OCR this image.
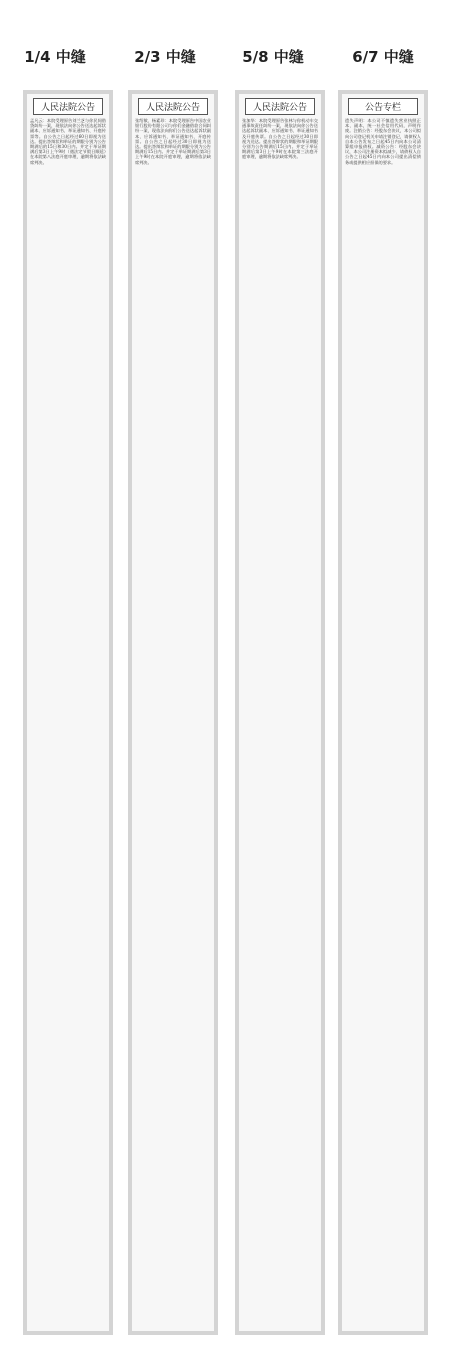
1/4 中缝	2/3 中缝	5/8 中缝	6/7 中缝
人民法院公告
孟凡云：本院受理原告刘兰芝与你民间借贷纠纷一案，现依法向你公告送达起诉状副本、应诉通知书、举证通知书、开庭传票等。自公告之日起经过60日即视为送达。提出答辩状和举证的期限分别为公告期满后的15日和30日内。并定于举证期满后第3日上午9时（遇法定节假日顺延）在本院第八法庭开庭审理，逾期将依法缺席判决。
人民法院公告
张绍敏、杨素珍：本院受理原告中国农业银行股份有限公司与你们金融借款合同纠纷一案，现依法向你们公告送达起诉状副本、应诉通知书、举证通知书、开庭传票。自公告之日起经过30日即视为送达。提出答辩状和举证的期限分别为公告期满后15日内。并定于举证期满后第3日上午9时在本院开庭审理，逾期将依法缺席判决。
人民法院公告
张加华：本院受理原告张林与你机动车交通事故责任纠纷一案，现依法向你公告送达起诉状副本、应诉通知书、举证通知书及开庭传票。自公告之日起经过30日即视为送达。提出答辩状的期限和举证期限分别为公告期满后15日内。并定于举证期满后第3日上午9时在本院第三法庭开庭审理，逾期将依法缺席判决。
公告专栏
遗失声明：本公司不慎遗失营业执照正本、副本，统一社会信用代码，声明作废。注销公告：经股东会决议，本公司拟向公司登记机关申请注销登记，请债权人自本公告发布之日起45日内向本公司清算组申报债权。减资公告：经股东会决议，本公司注册资本拟减少，请债权人自公告之日起45日内向本公司提出清偿债务或提供相应担保的要求。
